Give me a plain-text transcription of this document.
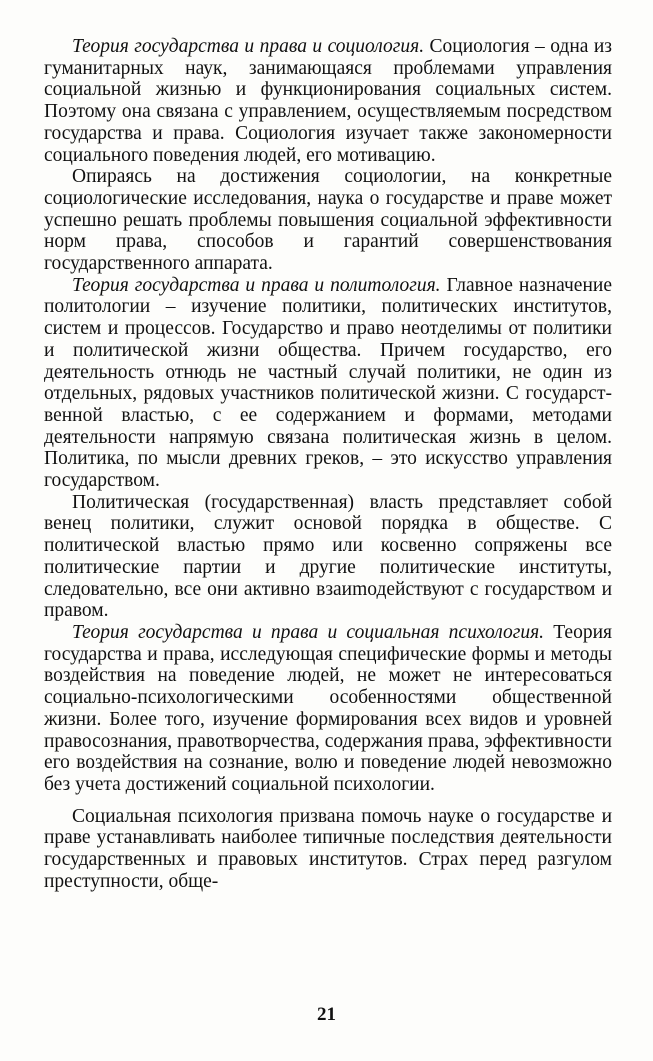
Теория государства и права и социология. Социология – одна из гуманитарных наук, занимающаяся проблемами управления социальной жизнью и функционирования социальных систем. Поэтому она связана с управлением, осуществляемым посредством государства и права. Социология изучает также закономерности социального поведения людей, его мотивацию.

Опираясь на достижения социологии, на конкретные социологические исследования, наука о государстве и праве может успешно решать проблемы повышения социальной эффективности норм права, способов и гарантий совершенствования государственного аппарата.

Теория государства и права и политология. Главное назначение политологии – изучение политики, политических институтов, систем и процессов. Государство и право неотделимы от политики и политической жизни общества. Причем государство, его деятельность отнюдь не частный случай политики, не один из отдельных, рядовых участников политической жизни. С государственной властью, с ее содержанием и формами, методами деятельности напрямую связана политическая жизнь в целом. Политика, по мысли древних греков, – это искусство управления государством.

Политическая (государственная) власть представляет собой венец политики, служит основой порядка в обществе. С политической властью прямо или косвенно сопряжены все политические партии и другие политические институты, следовательно, все они активно взаиmодействуют с государством и правом.

Теория государства и права и социальная психология. Теория государства и права, исследующая специфические формы и методы воздействия на поведение людей, не может не интересоваться социально-психологическими особенностями общественной жизни. Более того, изучение формирования всех видов и уровней правосознания, правотворчества, содержания права, эффективности его воздействия на сознание, волю и поведение людей невозможно без учета достижений социальной психологии.

Социальная психология призвана помочь науке о государстве и праве устанавливать наиболее типичные последствия деятельности государственных и правовых институтов. Страх перед разгулом преступности, обще-

21
